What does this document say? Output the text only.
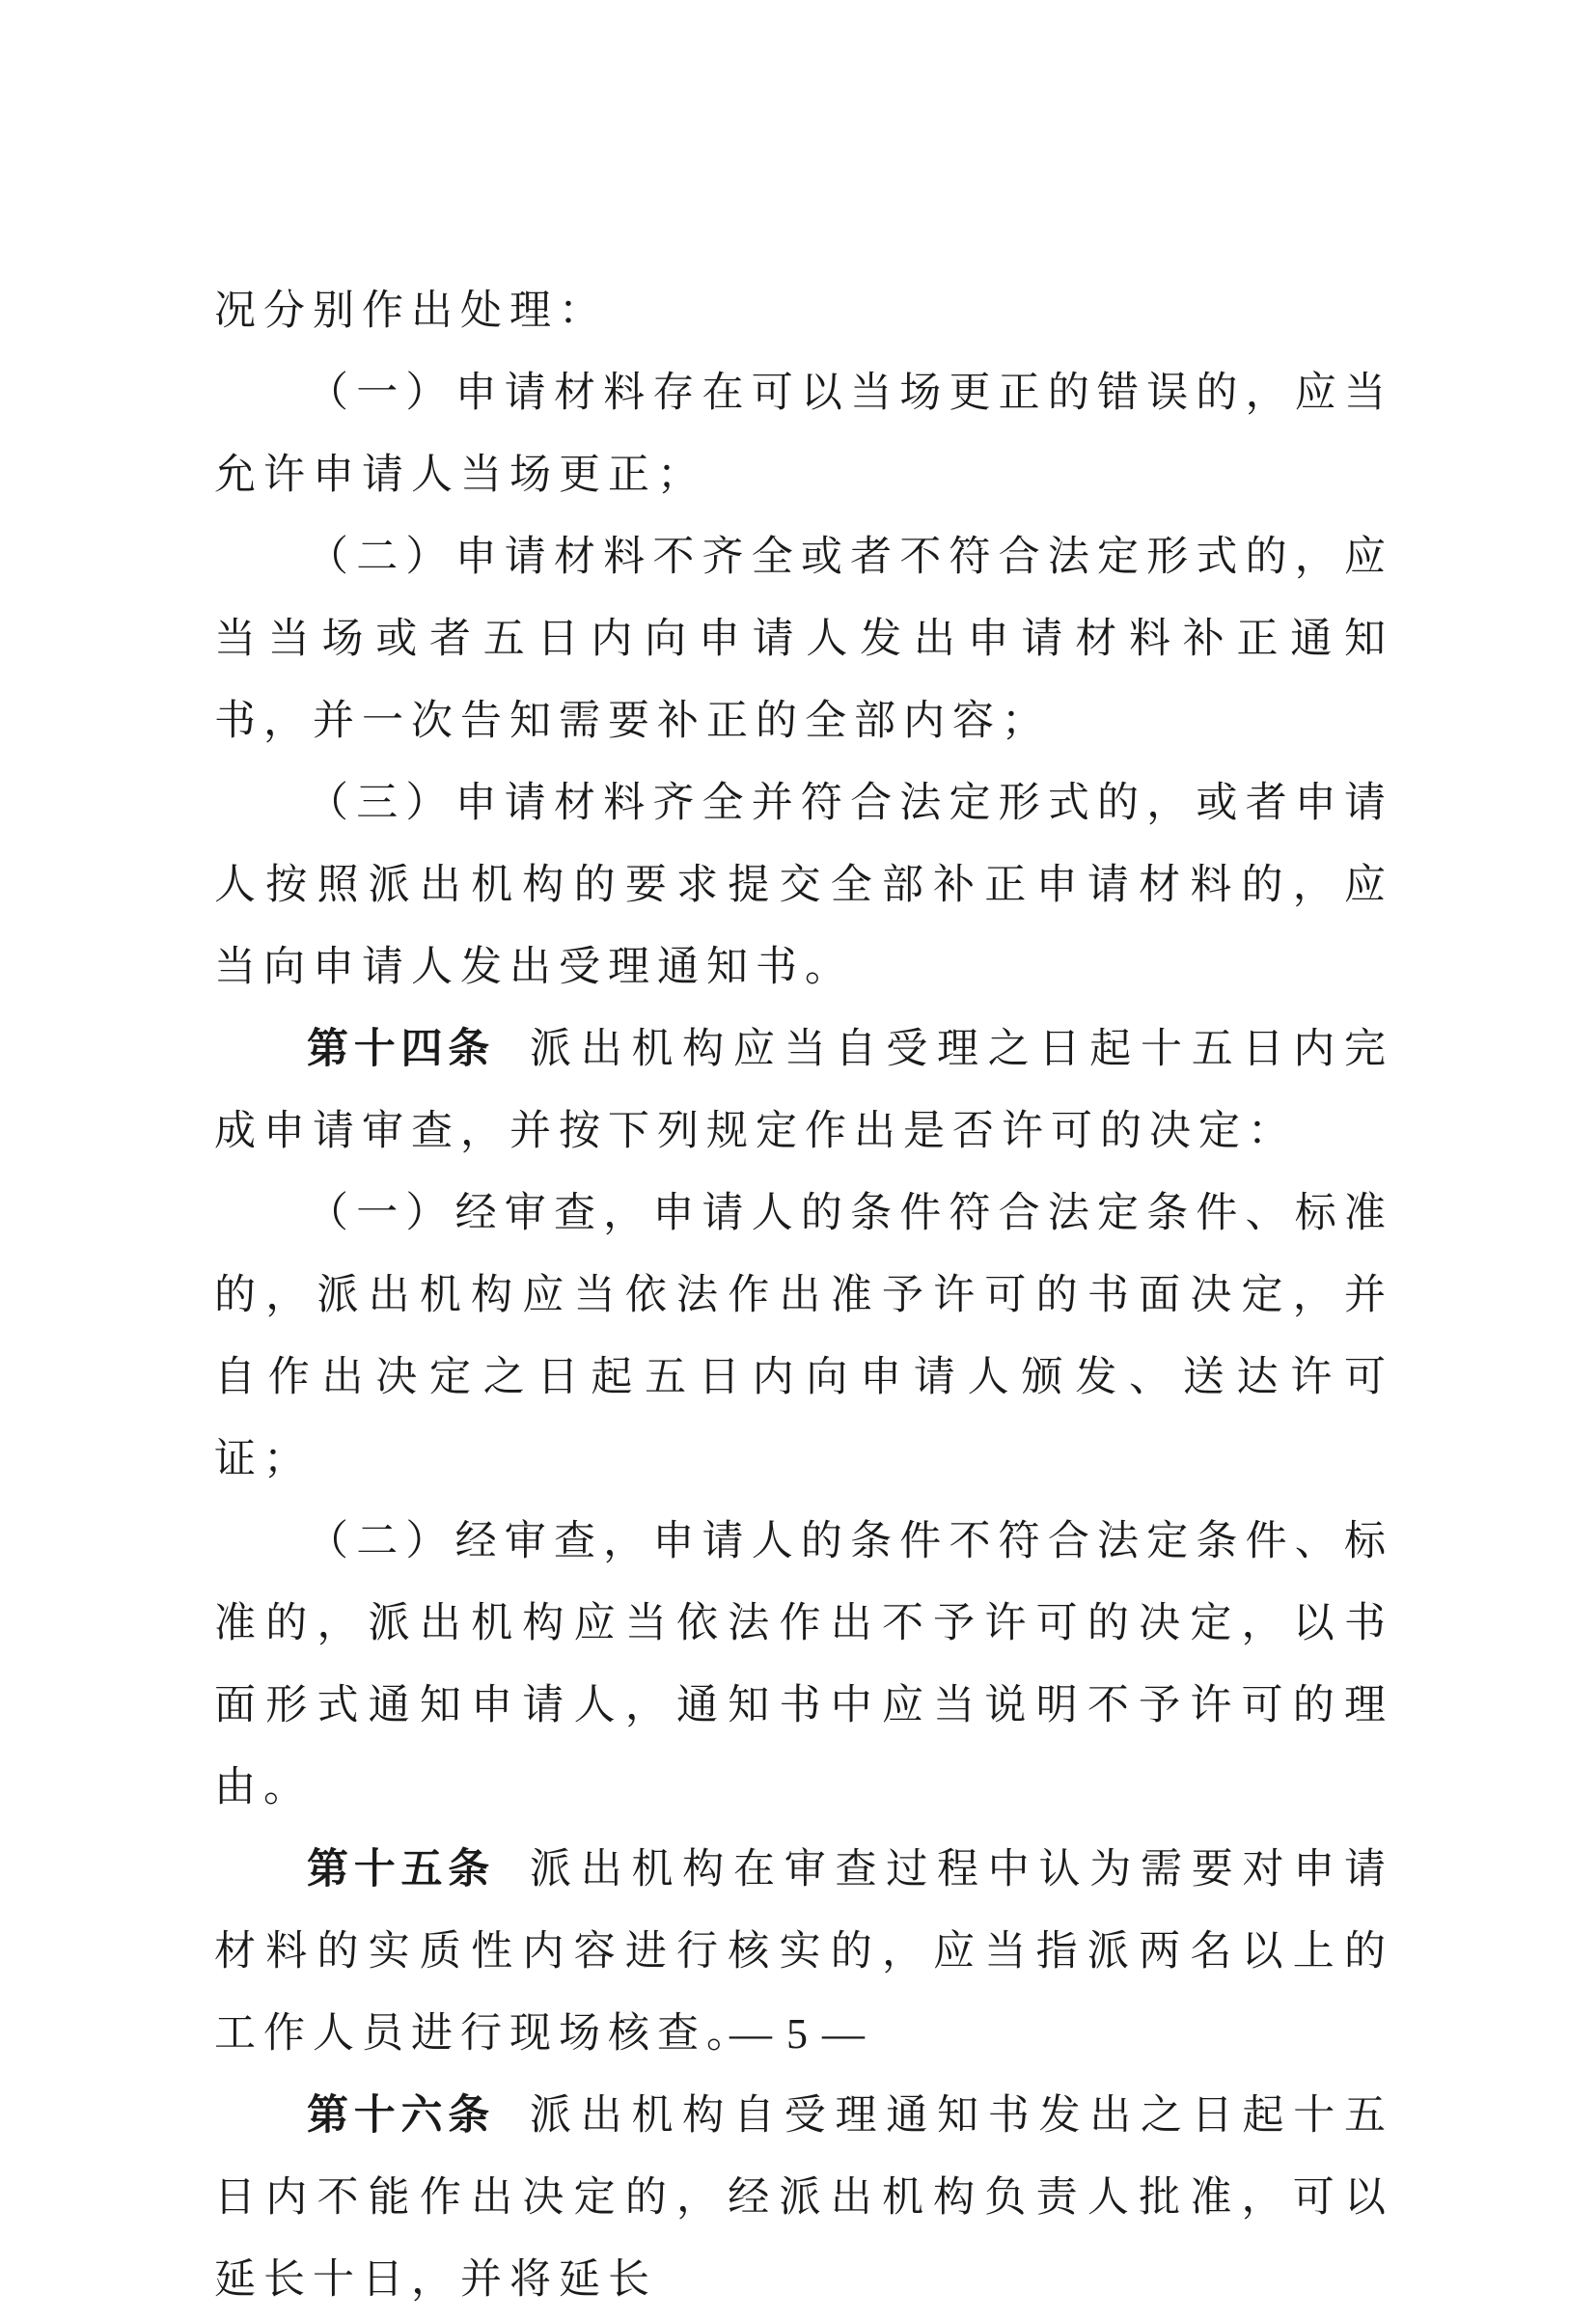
况分别作出处理：

（一）申请材料存在可以当场更正的错误的，应当允许申请人当场更正；

（二）申请材料不齐全或者不符合法定形式的，应当当场或者五日内向申请人发出申请材料补正通知书，并一次告知需要补正的全部内容；

（三）申请材料齐全并符合法定形式的，或者申请人按照派出机构的要求提交全部补正申请材料的，应当向申请人发出受理通知书。

第十四条 派出机构应当自受理之日起十五日内完成申请审查，并按下列规定作出是否许可的决定：

（一）经审查，申请人的条件符合法定条件、标准的，派出机构应当依法作出准予许可的书面决定，并自作出决定之日起五日内向申请人颁发、送达许可证；

（二）经审查，申请人的条件不符合法定条件、标准的，派出机构应当依法作出不予许可的决定，以书面形式通知申请人，通知书中应当说明不予许可的理由。

第十五条 派出机构在审查过程中认为需要对申请材料的实质性内容进行核实的，应当指派两名以上的工作人员进行现场核查。

第十六条 派出机构自受理通知书发出之日起十五日内不能作出决定的，经派出机构负责人批准，可以延长十日，并将延长

— 5 —
